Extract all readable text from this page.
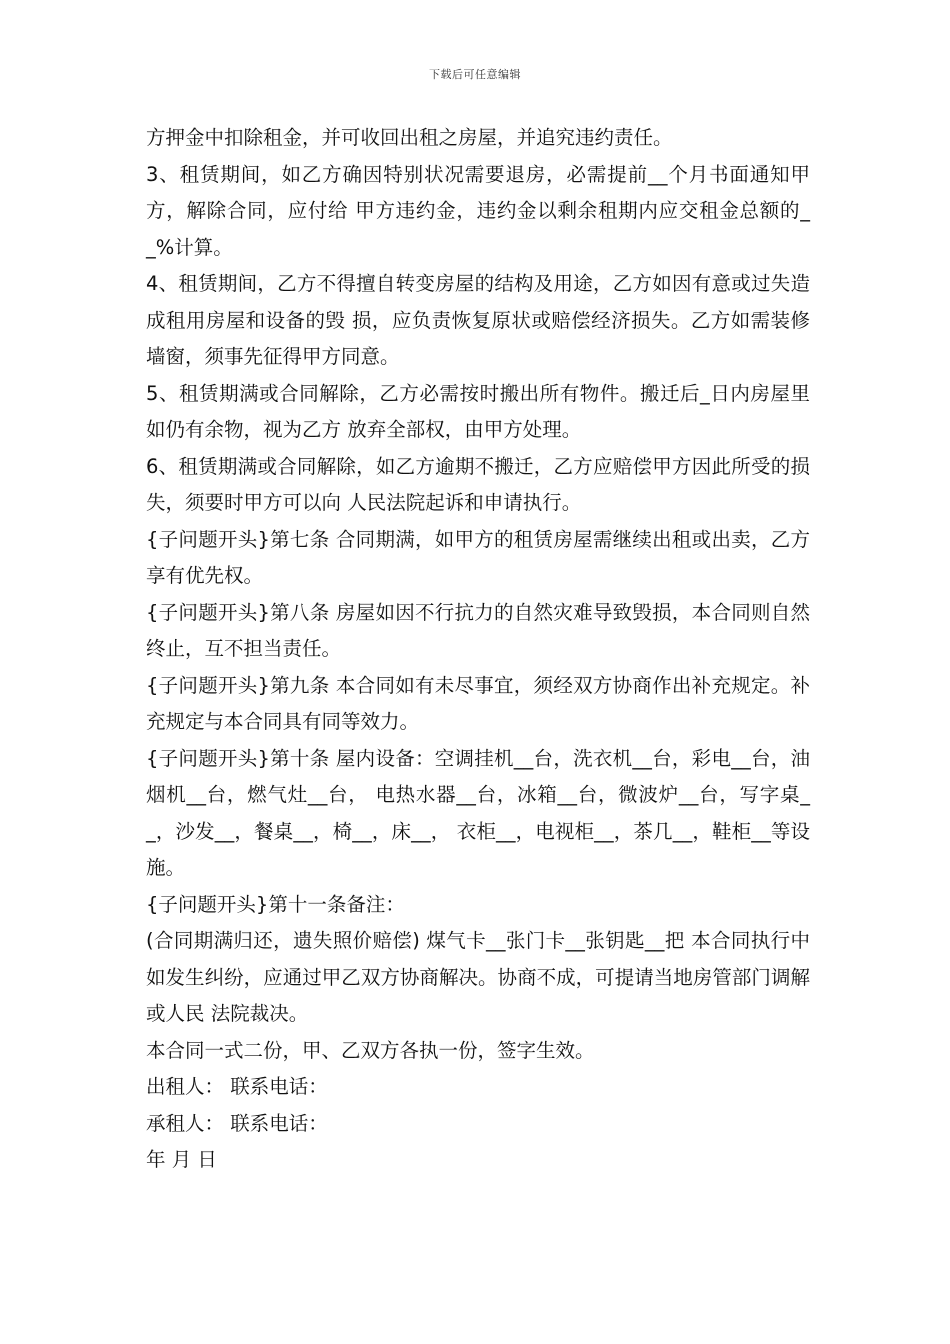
下载后可任意编辑

方押金中扣除租金，并可收回出租之房屋，并追究违约责任。

3、租赁期间，如乙方确因特别状况需要退房，必需提前__个月书面通知甲方，解除合同，应付给 甲方违约金，违约金以剩余租期内应交租金总额的__%计算。

4、租赁期间，乙方不得擅自转变房屋的结构及用途，乙方如因有意或过失造成租用房屋和设备的毁 损，应负责恢复原状或赔偿经济损失。乙方如需装修墙窗，须事先征得甲方同意。

5、租赁期满或合同解除，乙方必需按时搬出所有物件。搬迁后_日内房屋里如仍有余物，视为乙方 放弃全部权，由甲方处理。

6、租赁期满或合同解除，如乙方逾期不搬迁，乙方应赔偿甲方因此所受的损失，须要时甲方可以向 人民法院起诉和申请执行。

{子问题开头}第七条 合同期满，如甲方的租赁房屋需继续出租或出卖，乙方享有优先权。

{子问题开头}第八条 房屋如因不行抗力的自然灾难导致毁损，本合同则自然终止，互不担当责任。

{子问题开头}第九条 本合同如有未尽事宜，须经双方协商作出补充规定。补充规定与本合同具有同等效力。

{子问题开头}第十条 屋内设备：空调挂机__台，洗衣机__台，彩电__台，油烟机__台，燃气灶__台， 电热水器__台，冰箱__台，微波炉__台，写字桌__，沙发__，餐桌__，椅__，床__， 衣柜__，电视柜__，茶几__，鞋柜__等设施。

{子问题开头}第十一条备注：

(合同期满归还，遗失照价赔偿) 煤气卡__张门卡__张钥匙__把 本合同执行中如发生纠纷，应通过甲乙双方协商解决。协商不成，可提请当地房管部门调解或人民 法院裁决。

本合同一式二份，甲、乙双方各执一份，签字生效。

出租人： 联系电话：

承租人： 联系电话：

年 月 日
